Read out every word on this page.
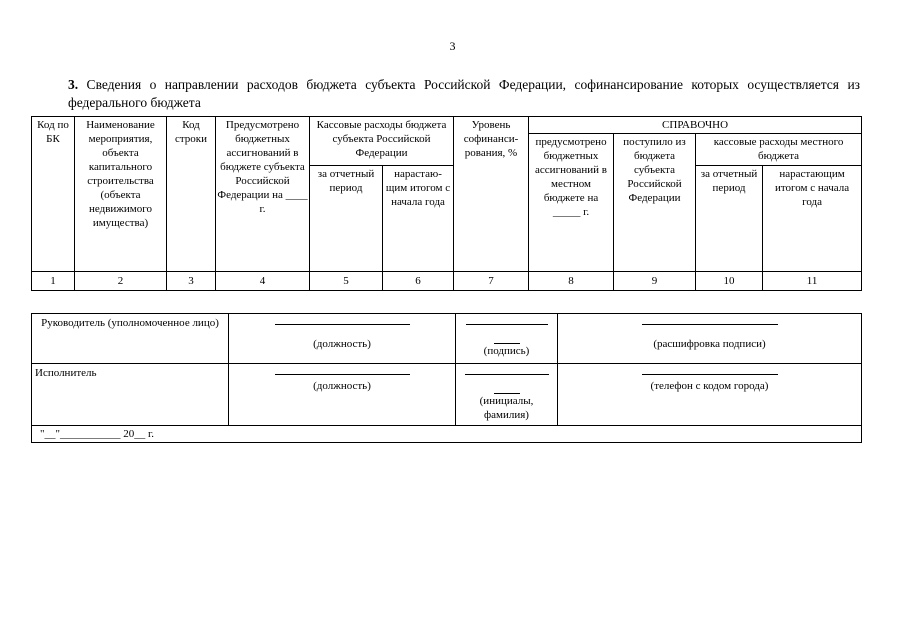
3
3. Сведения о направлении расходов бюджета субъекта Российской Федерации, софинансирование которых осуществляется из федерального бюджета
Код по БК	Наименование мероприятия, объекта капитального строительства (объекта недвижимого имущества)	Код строки	Предусмотрено бюджетных ассигнований в бюджете субъекта Российской Федерации на ____ г.	Кассовые расходы бюджета субъекта Российской Федерации		Уровень софинанси-рования, %	СПРАВОЧНО			
							предусмотрено бюджетных ассигнований в местном бюджете на _____ г.	поступило из бюджета субъекта Российской Федерации	кассовые расходы местного бюджета	
				за отчетный период	нарастаю-щим итогом с начала года				за отчетный период	нарастающим итогом с начала года
1	2	3	4	5	6	7	8	9	10	11
Руководитель (уполномоченное лицо)	(должность)	(подпись)	(расшифровка подписи)

Исполнитель	(должность)	(инициалы, фамилия)	(телефон с кодом города)

"__"___________ 20__ г.			
